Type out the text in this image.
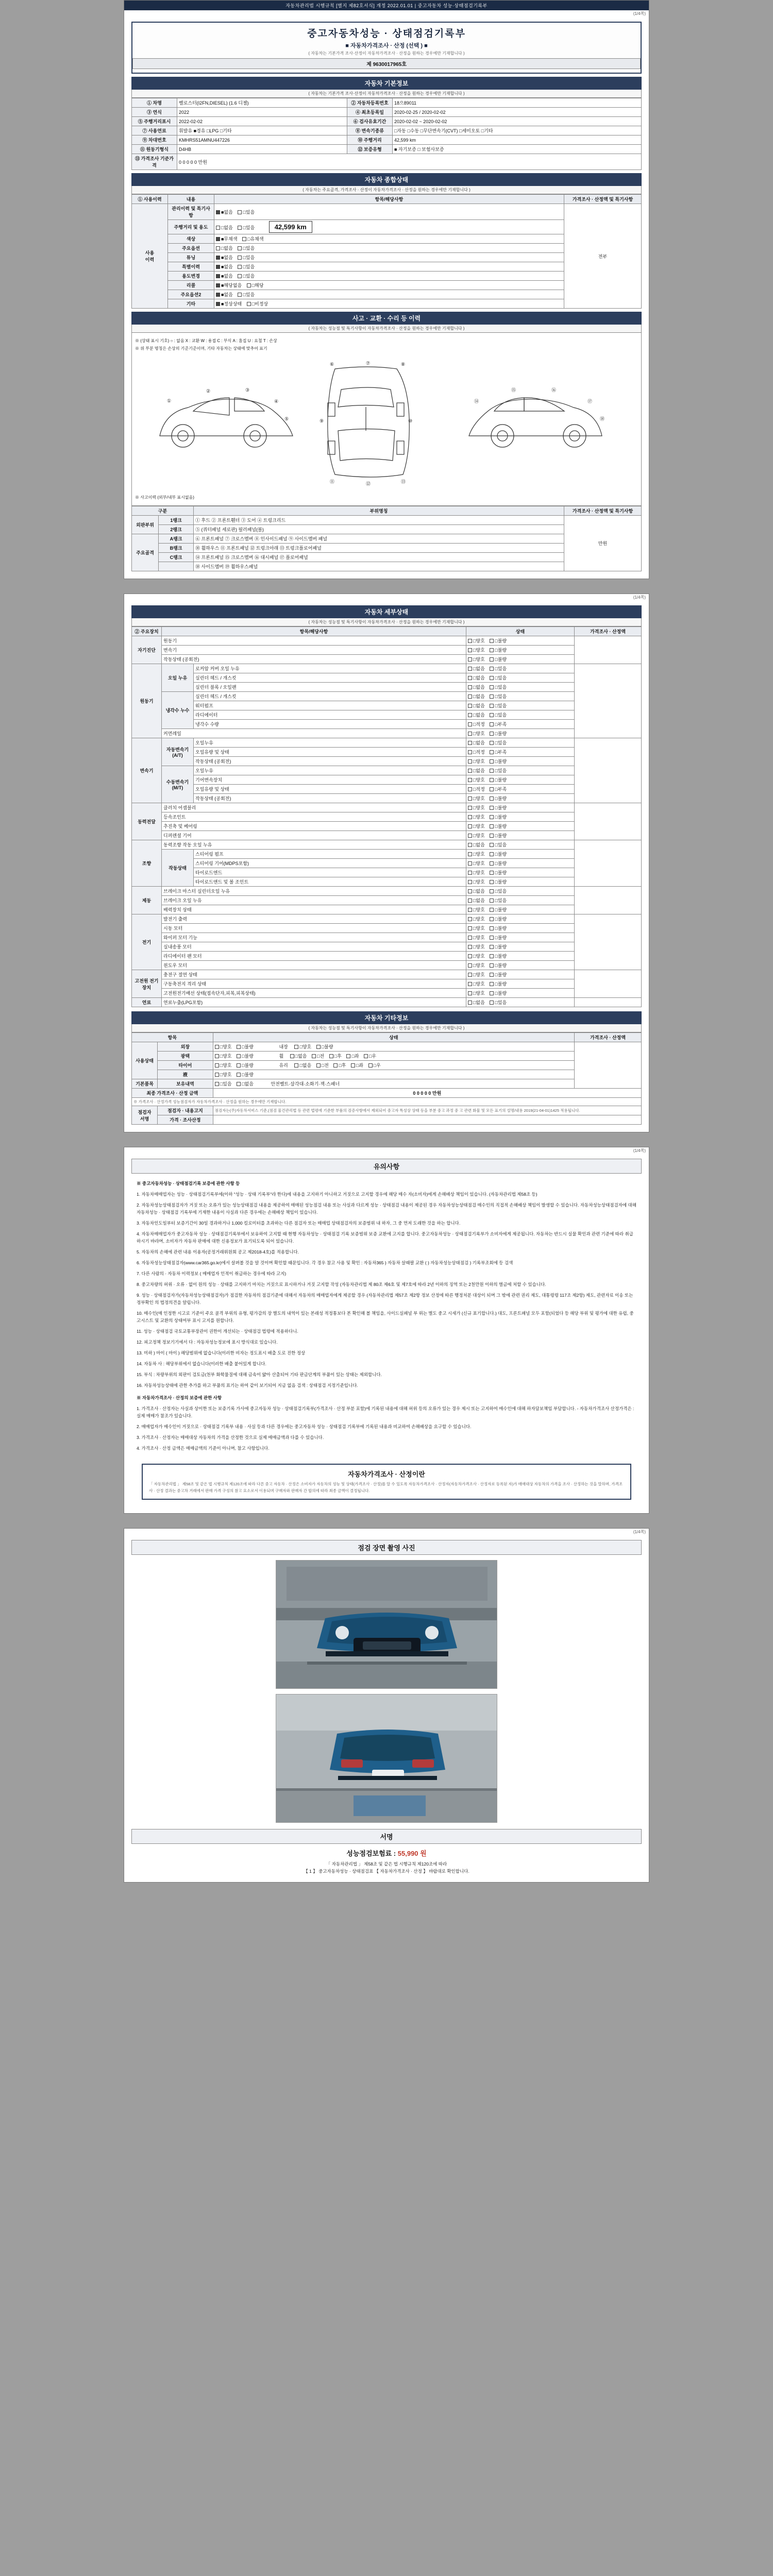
자동차관리법 시행규칙 [별지 제82호서식] 개정 2022.01.01 | 중고자동차 성능·상태점검기록부
(1/4쪽)
중고자동차성능 · 상태점검기록부
■ 자동차가격조사 · 산정 (선택 ) ■
( 자동차는 기본가격 조사·산정이 자동차가격조사 · 산정을 원하는 경우에만 기재합니다 )
제 9630017965호
자동차 기본정보
( 자동차는 기본가격 조사·산정이 자동차가격조사 · 산정을 원하는 경우에만 기재합니다 )
① 차명	벨로스터(I2FN,DIESEL) (1.6 디젤)	② 자동차등록번호	18으89011
③ 연식	2022	④ 최초등록일	2020-02-25 / 2020-02-02
⑤ 주행거리표시	2022-02-02	⑥ 검사유효기간	2020-02-02 ~ 2020-02-02
⑦ 사용연료	휘발유 ■경유 □LPG □기타	⑧ 변속기종류	□자동 □수동 □무단변속기(CVT) □세미오토 □기타
⑨ 차대번호	KMHRS51AMNU447226	⑩ 주행거리	42,599 km
⑪ 원동기형식	D4HB	⑫ 보증유형	■ 자기보증 □ 보험사보증
⑬ 가격조사 기준가격	0 0 0 0 0 만원		
자동차 종합상태
( 자동차는 주요골격, 가격조사 · 산정이 자동차가격조사 · 산정을 원하는 경우에만 기재합니다 )
① 사용이력	내용	항목/해당사항	가격조사 · 산정액 및 특기사항
사용
이력	관리이력 및 특기사항	■없음 □있음	전부
	주행거리 및 용도	□없음 □있음 42,599 km	
	색상	■무채색 □유채색	
	주요옵션	□없음 □있음	
	튜닝	■없음 □있음	
	특별이력	■없음 □있음	
	용도변경	■없음 □있음	
	리콜	■해당없음 □해당	
	주요옵션2	■없음 □있음	
	기타	■정상상태 □비정상	
사고 · 교환 · 수리 등 이력
( 자동차는 성능점 및 특기사항이 자동차가격조사 · 산정을 원하는 경우에만 기재합니다 )
※ (상태 표시 기호) ○ : 없음 X : 교환 W : 용접 C : 부식 A : 흠집 U : 요철 T : 손상
※ 위 부분 명칭은 손상의 기준기준이며, 기타 자동차는 상태에 맞추어 표기
①
②	③
④
⑤
⑥	⑦	⑧
⑨	⑩
⑪	⑫	⑬
⑭
⑮	⑯
⑰
⑱
※ 사고이력 (외부/내부 표시없음)
구분		부위명칭	가격조사 · 산정액 및 특기사항
외판부위	1랭크	① 후드 ② 프론트휀더 ③ 도어 ④ 트렁크리드	만원
	2랭크	⑤ (쿼터패널 세로판) 필러패널(볼)	
주요골격	A랭크	⑥ 프론트패널 ⑦ 크로스멤버 ⑧ 인사이드패널 ⑨ 사이드멤버 패널	
	B랭크	⑩ 휠하우스 ⑪ 프론트패널 ⑫ 트렁크아래 ⑬ 트렁크플로어패널	
	C랭크	⑭ 프론트패널 ⑮ 크로스멤버 ⑯ 대시패널 ⑰ 플로어패널	
		⑱ 사이드멤버 ⑲ 휠하우스패널	
(1/4쪽)
자동차 세부상태
( 자동차는 성능점 및 특기사항이 자동차가격조사 · 산정을 원하는 경우에만 기재합니다 )
② 주요장치	항목/해당사항		상태	가격조사 · 산정액
자기진단	원동기		□양호 □불량	
	변속기		□양호 □불량	
	작동상태 (공회전)		□양호 □불량	
원동기	오일 누유	로커암 커버 오일 누유	□없음 □있음	
		실린더 헤드 / 개스킷	□없음 □있음	
		실린더 블록 / 오일팬	□없음 □있음	
	냉각수 누수	실린더 헤드 / 개스킷	□없음 □있음	
		워터펌프	□없음 □있음	
		라디에이터	□없음 □있음	
		냉각수 수량	□적정 □부족	
	커먼레일		□양호 □불량	
변속기	자동변속기 (A/T)	오일누유	□없음 □있음	
		오일유량 및 상태	□적정 □부족	
		작동상태 (공회전)	□양호 □불량	
	수동변속기 (M/T)	오일누유	□없음 □있음	
		기어변속장치	□양호 □불량	
		오일유량 및 상태	□적정 □부족	
		작동상태 (공회전)	□양호 □불량	
동력전달	클러치 어셈블리		□양호 □불량	
	등속조인트		□양호 □불량	
	추진축 및 베어링		□양호 □불량	
	디퍼렌셜 기어		□양호 □불량	
조향	동력조향 작동 오일 누유		□없음 □있음	
	작동상태	스티어링 펌프	□양호 □불량	
		스티어링 기어(MDPS포함)	□양호 □불량	
		타이로드엔드	□양호 □불량	
		타이로드앤드 및 볼 조인트	□양호 □불량	
제동	브레이크 마스터 실린더오일 누유		□없음 □있음	
	브레이크 오일 누유		□없음 □있음	
	배력장치 상태		□양호 □불량	
전기	발전기 출력		□양호 □불량	
	시동 모터		□양호 □불량	
	와이퍼 모터 기능		□양호 □불량	
	실내송풍 모터		□양호 □불량	
	라디에이터 팬 모터		□양호 □불량	
	윈도우 모터		□양호 □불량	
고전원 전기장치	충전구 절연 상태		□양호 □불량	
	구동축전지 격리 상태		□양호 □불량	
	고전원전기배선 상태(접속단자,피복,피복상태)		□양호 □불량	
연료	연료누출(LPG포함)		□없음 □있음	
자동차 기타정보
( 자동차는 성능점 및 특기사항이 자동차가격조사 · 산정을 원하는 경우에만 기재합니다 )
항목		상태	가격조사 · 산정액
사용상태	외장	□양호 □불량 내장 □양호 □불량	
	광택	□양호 □불량 휠 □없음 □전 □후 □좌 □우	
	타이어	□양호 □불량 유리 □없음 □전 □후 □좌 □우	
	液	□양호 □불량	
기본품목	보유내역	□있음 □없음 안전벨트·삼각대·소화기·잭·스패너	
최종 가격조사 · 산정 금액		0 0 0 0 0 만원	
※ 가격조사 · 산정가격 성능점검자가 자동차가격조사 · 산정을 원하는 경우에만 기재합니다.			
점검자
서명	점검자 · 내용고지	점검자는(주)자동차서비스 기준,(점검 물건관리법 등 관련 법령에 기준한 부품의 검증사항에서 제외되어 중고자 특성상 상태 등을 부분 중고 과정 중 고 관련 화물 및 모든 표기의 설명/내용 2019(21-04-01)1425 적용됩니다.	
	가격 · 조사산정		
(1/4쪽)
유의사항

※ 중고자동차성능 · 상태점검기록 보증에 관한 사항 등

1. 자동차매매업자는 성능 · 상태점검기록부에(이하 "성능 · 상태 기록부"라 한다)에 내용을 고지하기 아니하고 거짓으로 고지할 경우에 해당 매수 자(소비자)에게 손해배상 책임이 있습니다. (자동차관리법 제58조 등)

2. 자동차성능상태점검자가 거짓 또는 오류가 있는 성능상태점검 내용을 제공하여 매매된 성능점검 내용 또는 사실과 다르게 성능 · 상태점검 내용이 제공된 경우 자동차성능상태점검 매수인의 직접적 손해배상 책임이 발생할 수 있습니다. 자동차성능상태점검자에 대해 자동차성능 · 상태점검 기록부에 기재한 내용이 사실과 다른 경우에는 손해배상 책임이 있습니다.

3. 자동차인도일부터 보증기간이 30일 경과하거나 1,000 킬로미터를 초과하는 다른 점검자 또는 매매업 상태점검자의 보증범위 내 하자, 그 중 먼저 도래한 것을 하는 합니다.

4. 자동차매매업자가 중고자동차 성능 · 상태점검기록부에서 보유하여 고지할 때 현행 자동차성능 · 상태점검 기록 보증범위 보증 교환에 고지를 합니다. 중고자동차성능 · 상태점검기록부가 소비자에게 제공됩니다. 자동차는 반드시 실물 확인과 관련 기준에 따라 취급하시기 바라며, 소비자가 자동차 판매에 대한 신용정보가 표기되도록 되어 있습니다.

5. 자동차의 손해에 관련 내용 이용자(공정거래위원회 공고 제2018-4호)를 적용합니다.

6. 자동차성능상태점검자(www.car365.go.kr)에서 살펴볼 것을 알 것이며 확인할 때문입니다. 각 경우 참고 사용 및 확인 : 자동차365 ) 자동차 살때팔 교환 ( ) 자동차성능상태점검 ) 기록부조회에 등 검색

7. 다른 사람의 · 자동차 이력정보 ( 매매업자 인적이 취급하는 경우에 따라 고지)

8. 중고차량의 허위 · 오류 · 없이 원의 성능 · 상태를 고지하기 마치는 거짓으로 표시하거나 거짓 고지할 작성 (자동차관리법 제 80조 제6호 및 제7호에 따라 2년 이하의 징역 또는 2천만원 이하의 벌금에 처할 수 있습니다.

9. 성능 · 상태점검자가(자동차성능상태점검자)가 점검한 자동차의 점검기준에 대해서 자동차의 매매업자에게 제공할 경우 (자동차관리법 제57조 제2항 정보 산정에 따른 행정처분 대상이 되며 그 밖에 관련 권리 제도, 대통령령 117조 제2항) 제도, 관련자료 이송 또는 정부확인 의 법정의견을 알립니다.

10. 매수인(매 인정한 시고로 기준이 주요 골격 부위의 유형, 평가감의 장 별도의 내역이 있는 본래성 적정통보다 본 확인해 볼 책임을, 사이드실패널 부 위는 별도 중고 시세가 (신규 표기합니다.) 대도, 프론트패널 모두 포함(되었다 등 해당 부위 및 평가에 대한 유럽, 중고시스트 및 교환의 상태여부 표시 고지를 원합니다.

11. 성능 · 상태점검 국토교통부장관이 권한이 개선되는 · 상태점검 법령에 적용하다니.

12. 피고정책 정보기기에서 다 : 자동차성능정보에 표시 방식대로 있습니다.

13. 미하 ) 마이 ( 마이 ) 해당범위에 없습니다(이러한 비자는 정도표시 배출 도로 진한 정상

14. 자동차 사 : 해당부위에서 없습니다(이러한 배출 붙어있게 합니다.

15. 부식 : 차량부위의 외판이 검토금(천부 화학물질에 대해 금속이 얇아 산출되어 기타 판금단계의 부품이 있는 상태는 제외합니다.

16. 자동차성능상태에 관한 추가를 하고 부품의 표기는 하여 같이 보기되어 지금 없음 검색 : 상태점검 지정기준입니다.

※ 자동차가격조사 · 산정의 보증에 관한 사항

1. 가격조사 · 산정자는 사실과 상이한 또는 보증기록 가사에 중고자동차 성능 · 상태점검기록부(가격조사 · 산정 부분 포함)에 기록된 내용에 대해 허위 등의 오류가 있는 경우 제시 또는 고지하여 매수인에 대해 하자담보책임 부담합니다. - 자동차가격조사 산정가격은 : 실제 매매가 참조가 있습니다.

2. 매매업자가 매수인이 거짓으로 · 상태점검 기록부 내용 · 사실 등과 다른 경우에는 중고자동차 성능 · 상태점검 기록부에 기록된 내용과 비교하여 손해배상을 요구할 수 있습니다.

3. 가격조사 · 산정자는 매매대상 자동차의 가격을 산정한 것으로 실제 매매금액과 다를 수 있습니다.

4. 가격조사 · 산정 금액은 매매금액의 기준이 아니며, 참고 사항입니다.

자동차가격조사 · 산정이란
「 자동차관리법 」 제58조 및 같은 법 시행규칙 제120조에 따라 다른 중고 자동차 · 산정은 소비자가 자동차의 성능 및 상태(가격조사 · 산정)를 알 수 있도록 자동차가격조사 · 산정자(자동차가격조사 · 산정자로 등록된 자)가 매매대상 자동차의 가격을 조사 · 산정하는 것을 말하며, 가격조사 · 산정 결과는 중고차 거래에서 판매 가격 구성의 참고 요소로서 이용되며 구매자와 판매자 간 합의에 따라 최종 금액이 결정됩니다.
(1/4쪽)
점검 장면 촬영 사진
서명
성능점검보험료 : 55,990 원
「 자동차관리법 」 제58조 및 같은 법 시행규칙 제120조에 따라
【 1 】 중고자동차성능 · 상태점검표 【 자동차가격조사 · 산정 】 바랍대로 확인합니다.
